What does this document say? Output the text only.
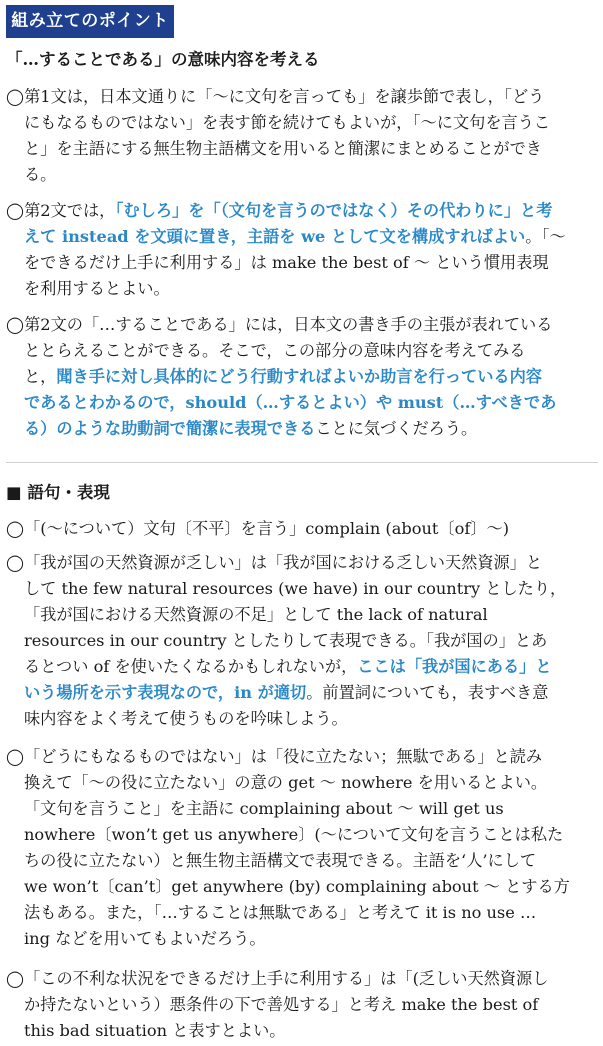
組み立てのポイント
「…することである」の意味内容を考える
◯第1文は，日本文通りに「〜に文句を言っても」を譲歩節で表し，「どう
にもなるものではない」を表す節を続けてもよいが，「〜に文句を言うこ
と」を主語にする無生物主語構文を用いると簡潔にまとめることができ
る。
◯第2文では，「むしろ」を「（文句を言うのではなく）その代わりに」と考
えて instead を文頭に置き，主語を we として文を構成すればよい。「〜
をできるだけ上手に利用する」は make the best of 〜 という慣用表現
を利用するとよい。
◯第2文の「…することである」には，日本文の書き手の主張が表れている
ととらえることができる。そこで，この部分の意味内容を考えてみる
と，聞き手に対し具体的にどう行動すればよいか助言を行っている内容
であるとわかるので，should（…するとよい）や must（…すべきであ
る）のような助動詞で簡潔に表現できることに気づくだろう。
■ 語句・表現
◯「(〜について）文句〔不平〕を言う」complain (about〔of〕〜)
◯「我が国の天然資源が乏しい」は「我が国における乏しい天然資源」と
して the few natural resources (we have) in our country としたり，
「我が国における天然資源の不足」として the lack of natural
resources in our country としたりして表現できる。「我が国の」とあ
るとつい of を使いたくなるかもしれないが，ここは「我が国にある」と
いう場所を示す表現なので，in が適切。前置詞についても，表すべき意
味内容をよく考えて使うものを吟味しよう。
◯「どうにもなるものではない」は「役に立たない；無駄である」と読み
換えて「〜の役に立たない」の意の get 〜 nowhere を用いるとよい。
「文句を言うこと」を主語に complaining about 〜 will get us
nowhere〔won’t get us anywhere〕(〜について文句を言うことは私た
ちの役に立たない）と無生物主語構文で表現できる。主語を‘人’にして
we won’t〔can’t〕get anywhere (by) complaining about 〜 とする方
法もある。また，「…することは無駄である」と考えて it is no use …
ing などを用いてもよいだろう。
◯「この不利な状況をできるだけ上手に利用する」は「(乏しい天然資源し
か持たないという）悪条件の下で善処する」と考え make the best of
this bad situation と表すとよい。
